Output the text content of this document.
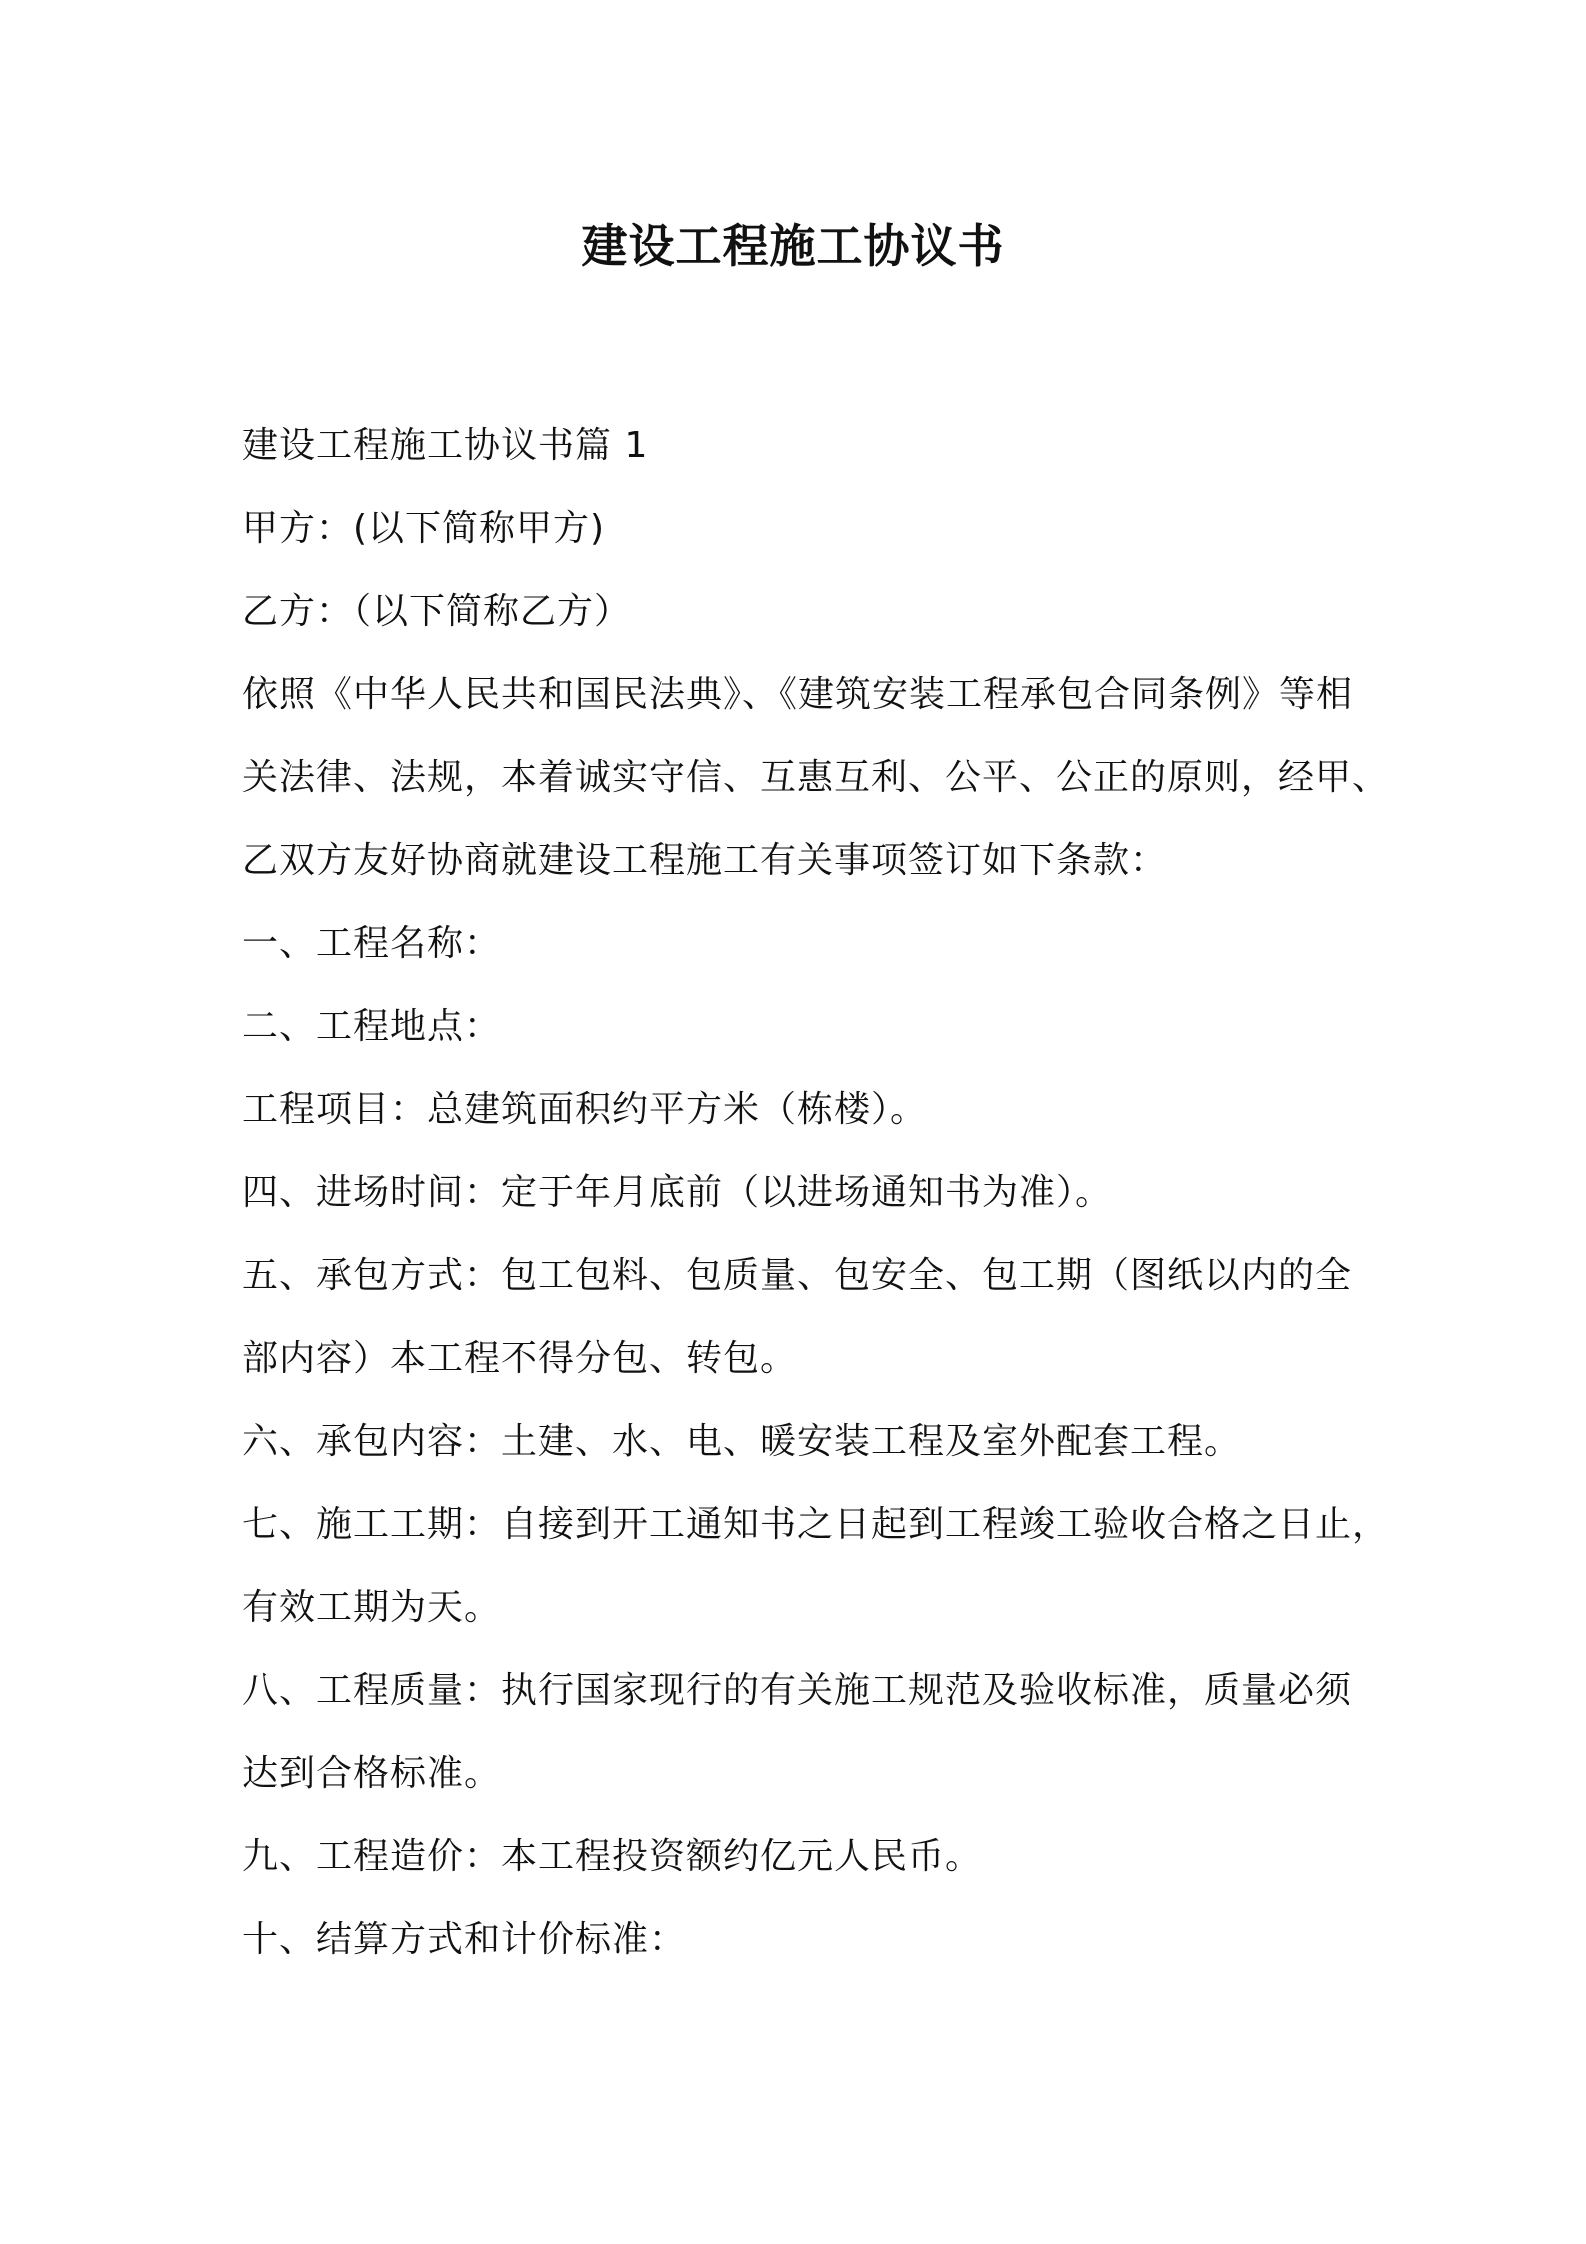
建设工程施工协议书
建设工程施工协议书篇 1
甲方：(以下简称甲方)
乙方：（以下简称乙方）
依照《中华人民共和国民法典》、《建筑安装工程承包合同条例》等相
关法律、法规，本着诚实守信、互惠互利、公平、公正的原则，经甲、
乙双方友好协商就建设工程施工有关事项签订如下条款：
一、工程名称：
二、工程地点：
工程项目：总建筑面积约平方米（栋楼）。
四、进场时间：定于年月底前（以进场通知书为准）。
五、承包方式：包工包料、包质量、包安全、包工期（图纸以内的全
部内容）本工程不得分包、转包。
六、承包内容：土建、水、电、暖安装工程及室外配套工程。
七、施工工期：自接到开工通知书之日起到工程竣工验收合格之日止，
有效工期为天。
八、工程质量：执行国家现行的有关施工规范及验收标准，质量必须
达到合格标准。
九、工程造价：本工程投资额约亿元人民币。
十、结算方式和计价标准：
